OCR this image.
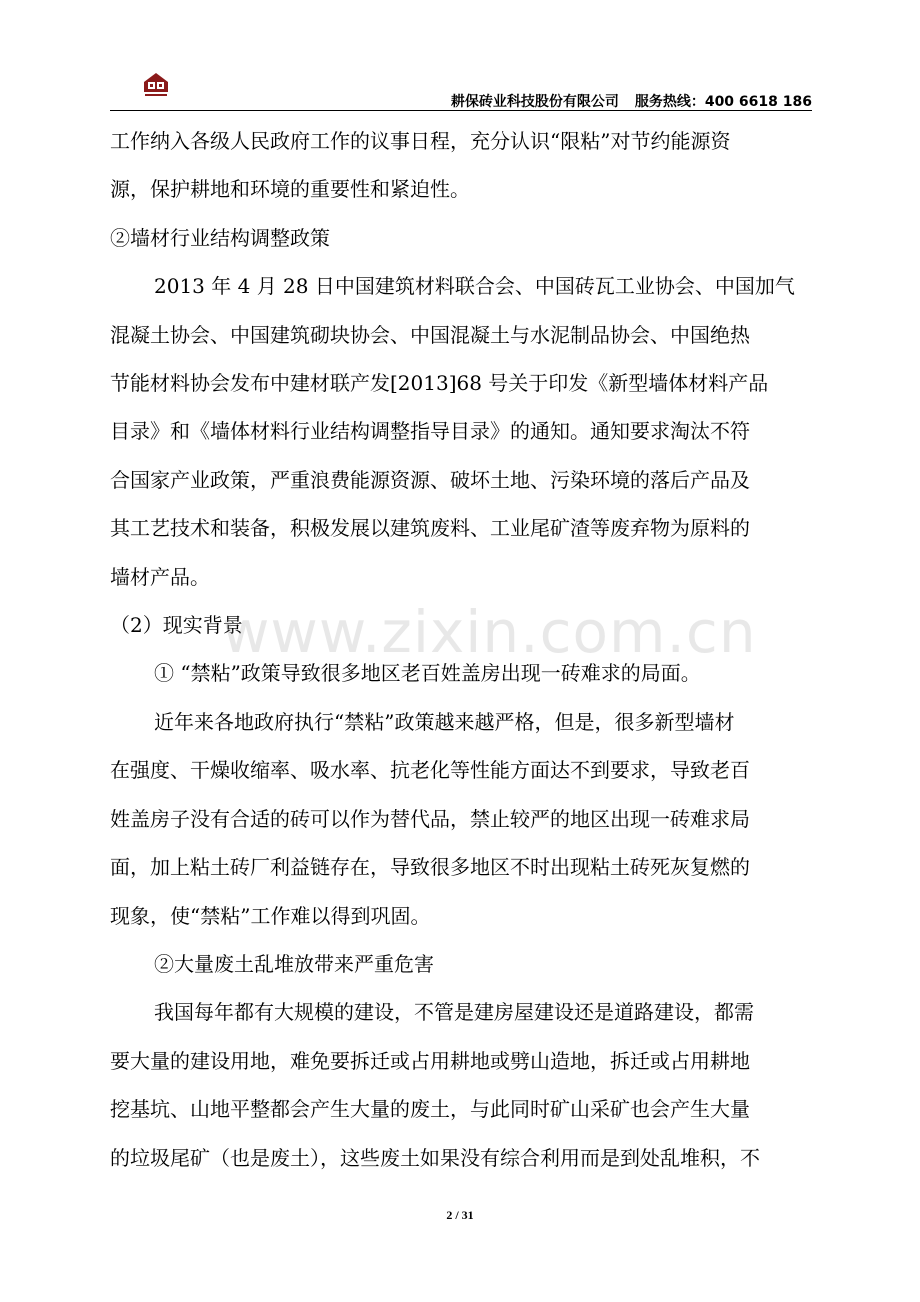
耕保砖业科技股份有限公司 服务热线：400 6618 186

工作纳入各级人民政府工作的议事日程，充分认识“限粘”对节约能源资

源，保护耕地和环境的重要性和紧迫性。

②墙材行业结构调整政策

2013 年 4 月 28 日中国建筑材料联合会、中国砖瓦工业协会、中国加气

混凝土协会、中国建筑砌块协会、中国混凝土与水泥制品协会、中国绝热

节能材料协会发布中建材联产发[2013]68 号关于印发《新型墙体材料产品

目录》和《墙体材料行业结构调整指导目录》的通知。通知要求淘汰不符

合国家产业政策，严重浪费能源资源、破坏土地、污染环境的落后产品及

其工艺技术和装备，积极发展以建筑废料、工业尾矿渣等废弃物为原料的

墙材产品。

（2）现实背景

① “禁粘”政策导致很多地区老百姓盖房出现一砖难求的局面。

近年来各地政府执行“禁粘”政策越来越严格，但是，很多新型墙材

在强度、干燥收缩率、吸水率、抗老化等性能方面达不到要求，导致老百

姓盖房子没有合适的砖可以作为替代品，禁止较严的地区出现一砖难求局

面，加上粘土砖厂利益链存在，导致很多地区不时出现粘土砖死灰复燃的

现象，使“禁粘”工作难以得到巩固。

②大量废土乱堆放带来严重危害

我国每年都有大规模的建设，不管是建房屋建设还是道路建设，都需

要大量的建设用地，难免要拆迁或占用耕地或劈山造地，拆迁或占用耕地

挖基坑、山地平整都会产生大量的废土，与此同时矿山采矿也会产生大量

的垃圾尾矿（也是废土），这些废土如果没有综合利用而是到处乱堆积，不

www.zixin.com.cn
2 / 31
